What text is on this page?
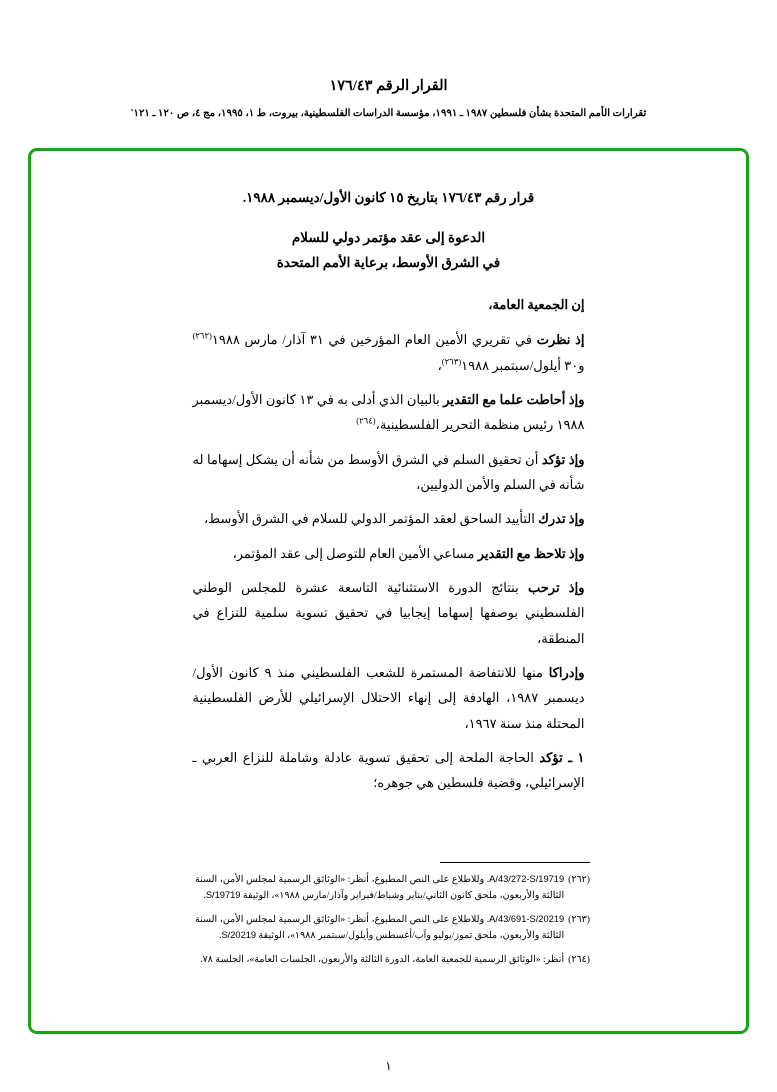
القرار الرقم ١٧٦/٤٣
ثقرارات الأمم المتحدة بشأن فلسطين ١٩٨٧ ـ ١٩٩١، مؤسسة الدراسات الفلسطينية، بيروت، ط ١، ١٩٩٥، مج ٤، ص ١٢٠ ـ ١٢١'
قرار رقم ١٧٦/٤٣ بتاريخ ١٥ كانون الأول/ديسمبر ١٩٨٨.
الدعوة إلى عقد مؤتمر دولي للسلام
في الشرق الأوسط، برعاية الأمم المتحدة

إن الجمعية العامة،

إذ نظرت في تقريري الأمين العام المؤرخين في ٣١ آذار/ مارس ١٩٨٨$^{(٢٦٢)}$ و٣٠ أيلول/سبتمبر ١٩٨٨$^{(٢٦٣)}$،

وإذ أحاطت علما مع التقدير بالبيان الذي أدلى به في ١٣ كانون الأول/ديسمبر ١٩٨٨ رئيس منظمة التحرير الفلسطينية،$^{(٢٦٤)}$

وإذ تؤكد أن تحقيق السلم في الشرق الأوسط من شأنه أن يشكل إسهاما له شأنه في السلم والأمن الدوليين،

وإذ تدرك التأييد الساحق لعقد المؤتمر الدولي للسلام في الشرق الأوسط،

وإذ تلاحظ مع التقدير مساعي الأمين العام للتوصل إلى عقد المؤتمر،

وإذ ترحب بنتائج الدورة الاستثنائية التاسعة عشرة للمجلس الوطني الفلسطيني بوصفها إسهاما إيجابيا في تحقيق تسوية سلمية للنزاع في المنطقة،

وإدراكا منها للانتفاضة المستمرة للشعب الفلسطيني منذ ٩ كانون الأول/ديسمبر ١٩٨٧، الهادفة إلى إنهاء الاحتلال الإسرائيلي للأرض الفلسطينية المحتلة منذ سنة ١٩٦٧،

١ ـ تؤكد الحاجة الملحة إلى تحقيق تسوية عادلة وشاملة للنزاع العربي ـ الإسرائيلي، وقضية فلسطين هي جوهره؛

(٢٦٢)
A/43/272-S/19719. وللاطلاع على النص المطبوع، أنظر: «الوثائق الرسمية لمجلس الأمن، السنة الثالثة والأربعون، ملحق كانون الثاني/يناير وشباط/فبراير وآذار/مارس ١٩٨٨»، الوثيقة S/19719.
(٢٦٣)
A/43/691-S/20219. وللاطلاع على النص المطبوع، أنظر: «الوثائق الرسمية لمجلس الأمن، السنة الثالثة والأربعون، ملحق تموز/يوليو وآب/أغسطس وأيلول/سبتمبر ١٩٨٨»، الوثيقة S/20219.
(٢٦٤)
أنظر: «الوثائق الرسمية للجمعية العامة، الدورة الثالثة والأربعون، الجلسات العامة»، الجلسة ٧٨.
١
